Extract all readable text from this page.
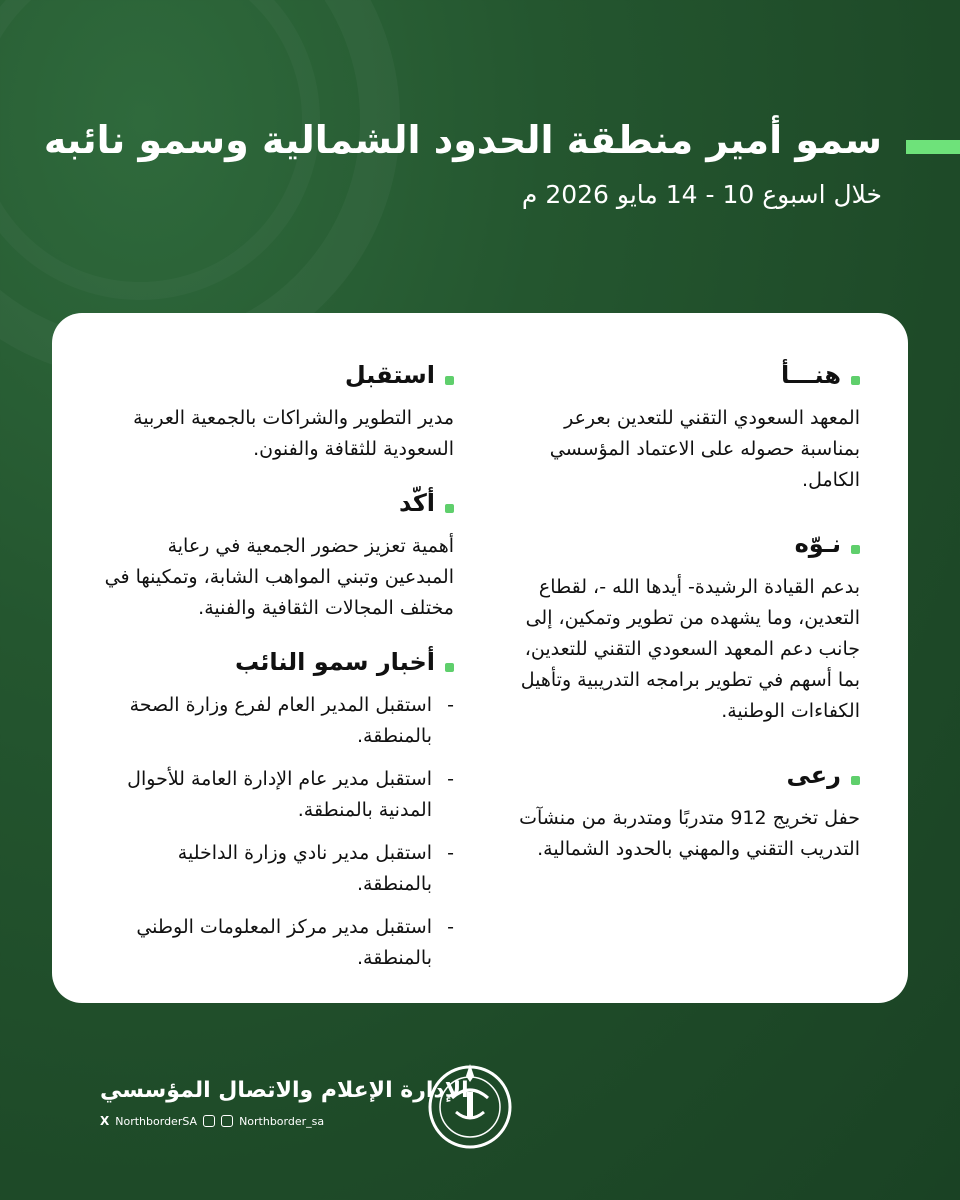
سمو أمير منطقة الحدود الشمالية وسمو نائبه

خلال اسبوع 10 - 14 مايو 2026 م

هنـــأ

المعهد السعودي التقني للتعدين بعرعر بمناسبة حصوله على الاعتماد المؤسسي الكامل.

نـوّه

بدعم القيادة الرشيدة- أيدها الله -، لقطاع التعدين، وما يشهده من تطوير وتمكين، إلى جانب دعم المعهد السعودي التقني للتعدين، بما أسهم في تطوير برامجه التدريبية وتأهيل الكفاءات الوطنية.

رعى

حفل تخريج 912 متدربًا ومتدربة من منشآت التدريب التقني والمهني بالحدود الشمالية.

استقبل

مدير التطوير والشراكات بالجمعية العربية السعودية للثقافة والفنون.

أكّد

أهمية تعزيز حضور الجمعية في رعاية المبدعين وتبني المواهب الشابة، وتمكينها في مختلف المجالات الثقافية والفنية.

أخبار سمو النائب
-
استقبل المدير العام لفرع وزارة الصحة بالمنطقة.
-
استقبل مدير عام الإدارة العامة للأحوال المدنية بالمنطقة.
-
استقبل مدير نادي وزارة الداخلية بالمنطقة.
-
استقبل مدير مركز المعلومات الوطني بالمنطقة.
الإدارة الإعلام والاتصال المؤسسي
X NorthborderSA	Northborder_sa
